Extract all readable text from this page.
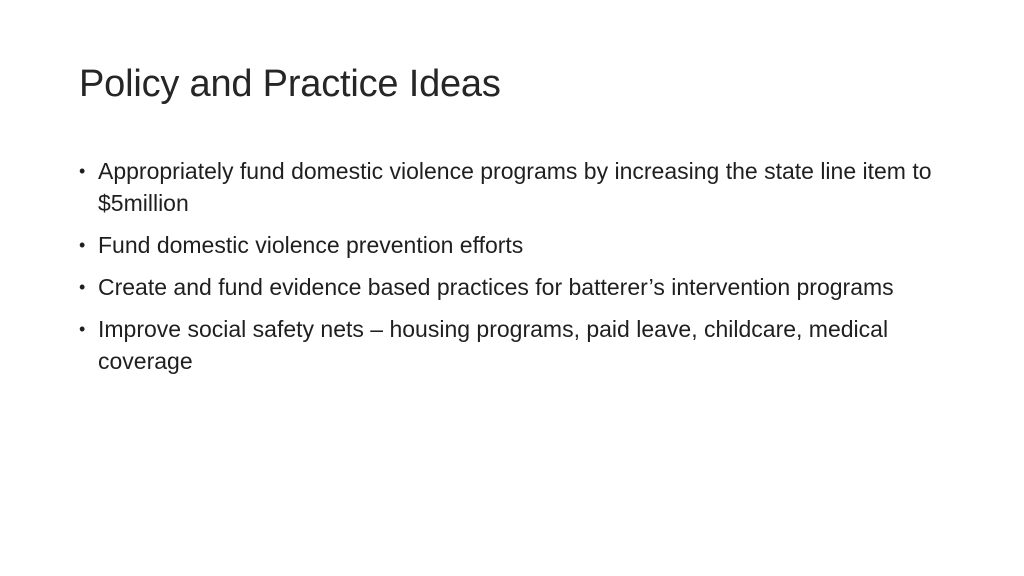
Policy and Practice Ideas
• Appropriately fund domestic violence programs by increasing the state line item to $5million
• Fund domestic violence prevention efforts
• Create and fund evidence based practices for batterer’s intervention programs
• Improve social safety nets – housing programs, paid leave, childcare, medical coverage
